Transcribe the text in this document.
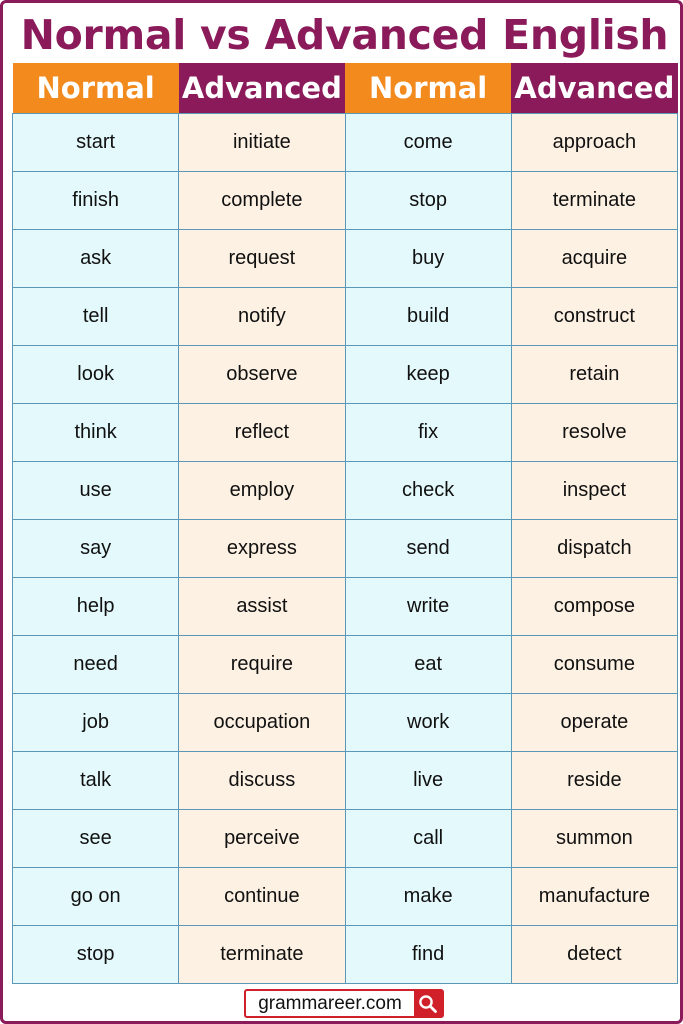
Normal vs Advanced English
Normal	Advanced	Normal	Advanced
start	initiate	come	approach
finish	complete	stop	terminate
ask	request	buy	acquire
tell	notify	build	construct
look	observe	keep	retain
think	reflect	fix	resolve
use	employ	check	inspect
say	express	send	dispatch
help	assist	write	compose
need	require	eat	consume
job	occupation	work	operate
talk	discuss	live	reside
see	perceive	call	summon
go on	continue	make	manufacture
stop	terminate	find	detect
grammareer.com
